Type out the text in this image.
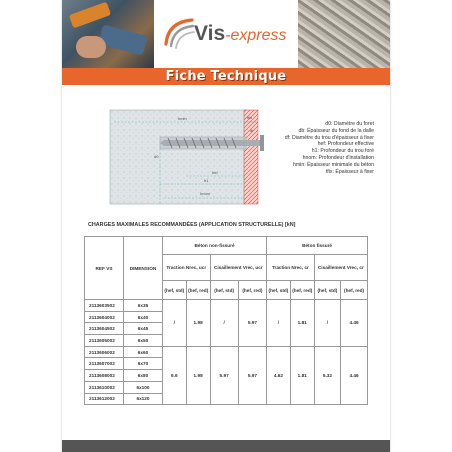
Vis-express
Fiche Technique
hmin	tfix
df
d0
hef
h1
hnom
d0: Diamètre du foret
db: Épaisseur du fond de la dalle
df: Diamètre du trou d'épaisseur à fixer
hef: Profondeur effective
h1: Profondeur du trou foré
hnom: Profondeur d'installation
hmin: Épaisseur minimale du béton
tfix: Épaisseur à fixer
CHARGES MAXIMALES RECOMMANDÉES (APPLICATION STRUCTURELLE) [kN]
REF VS	DIMENSION	Béton non-fissuré				Béton fissuré			
		Traction Nrec, ucr		Cisaillement Vrec, ucr		Traction Nrec, cr		Cisaillement Vrec, cr	
		(hef, std)	(hef, red)	(hef, std)	(hef, red)	(hef, std)	(hef, red)	(hef, std)	(hef, red)
2113603502	6x35	/	1.98	/	5.97	/	1.81	/	4.46
2113604002	6x40								
2113604502	6x45								
2113605002	6x50								
2113606002	6x60	6.6	1.98	5.97	5.97	4.62	1.81	5.32	4.46
2113607002	6x70								
2113608002	6x80								
2113610002	6x100								
2113612002	6x120								
